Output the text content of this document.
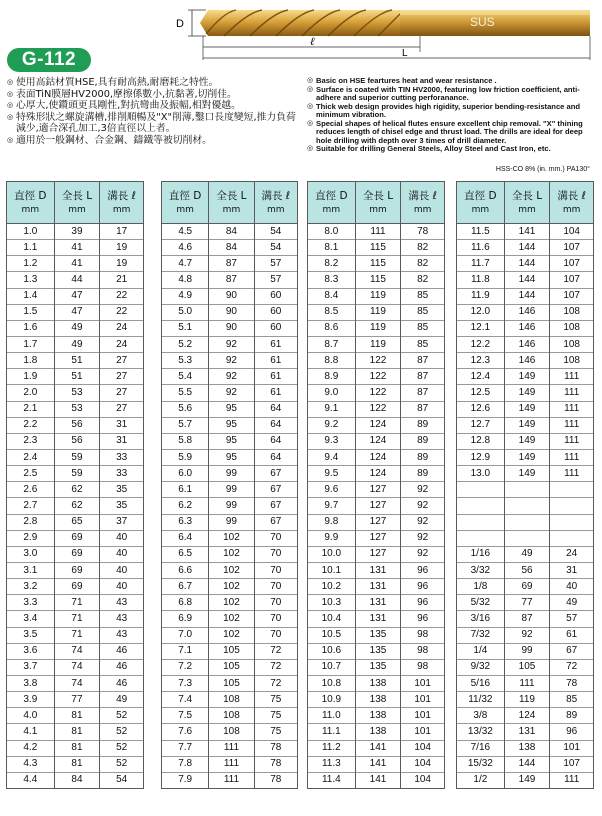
SUS
D
ℓ
L
G-112
◎ 使用高鈷材質HSE,具有耐高熱,耐磨耗之特性。
◎ 表面TiN膜層HV2000,摩擦係數小,抗黏著,切削佳。
◎ 心厚大,使鑽頭更具剛性,對抗彎曲及振幅,相對優越。
◎ 特殊形狀之螺旋溝槽,排削順暢及"X"削薄,鑿口長度變短,推力負荷減少,適合深孔加工,3倍直徑以上者。
◎ 適用於一般鋼材、合金鋼、鑄鐵等被切削材。
◎ Basic on HSE feartures heat and wear resistance .
◎ Surface is coated with TIN HV2000, featuring low friction coefficient, anti-adhere and superior cutting perforanance.
◎ Thick web design provides high rigidity, superior bending-resistance and minimum vibration.
◎ Special shapes of helical flutes ensure excellent chip removal. "X" thining reduces length of chisel edge and thrust load. The drills are ideal for deep hole drilling with depth over 3 times of drill diameter.
◎ Suitable for drilling General Steels, Alloy Steel and Cast Iron, etc.
HSS-CO 8% (in. mm.) PA130°
直徑 D
mm	全長 L
mm	溝長 ℓ
mm

1.0	39	17
1.1	41	19
1.2	41	19
1.3	44	21
1.4	47	22
1.5	47	22
1.6	49	24
1.7	49	24
1.8	51	27
1.9	51	27
2.0	53	27
2.1	53	27
2.2	56	31
2.3	56	31
2.4	59	33
2.5	59	33
2.6	62	35
2.7	62	35
2.8	65	37
2.9	69	40
3.0	69	40
3.1	69	40
3.2	69	40
3.3	71	43
3.4	71	43
3.5	71	43
3.6	74	46
3.7	74	46
3.8	74	46
3.9	77	49
4.0	81	52
4.1	81	52
4.2	81	52
4.3	81	52
4.4	84	54
直徑 D
mm	全長 L
mm	溝長 ℓ
mm

4.5	84	54
4.6	84	54
4.7	87	57
4.8	87	57
4.9	90	60
5.0	90	60
5.1	90	60
5.2	92	61
5.3	92	61
5.4	92	61
5.5	92	61
5.6	95	64
5.7	95	64
5.8	95	64
5.9	95	64
6.0	99	67
6.1	99	67
6.2	99	67
6.3	99	67
6.4	102	70
6.5	102	70
6.6	102	70
6.7	102	70
6.8	102	70
6.9	102	70
7.0	102	70
7.1	105	72
7.2	105	72
7.3	105	72
7.4	108	75
7.5	108	75
7.6	108	75
7.7	111	78
7.8	111	78
7.9	111	78
直徑 D
mm	全長 L
mm	溝長 ℓ
mm

8.0	111	78
8.1	115	82
8.2	115	82
8.3	115	82
8.4	119	85
8.5	119	85
8.6	119	85
8.7	119	85
8.8	122	87
8.9	122	87
9.0	122	87
9.1	122	87
9.2	124	89
9.3	124	89
9.4	124	89
9.5	124	89
9.6	127	92
9.7	127	92
9.8	127	92
9.9	127	92
10.0	127	92
10.1	131	96
10.2	131	96
10.3	131	96
10.4	131	96
10.5	135	98
10.6	135	98
10.7	135	98
10.8	138	101
10.9	138	101
11.0	138	101
11.1	138	101
11.2	141	104
11.3	141	104
11.4	141	104
直徑 D
mm	全長 L
mm	溝長 ℓ
mm

11.5	141	104
11.6	144	107
11.7	144	107
11.8	144	107
11.9	144	107
12.0	146	108
12.1	146	108
12.2	146	108
12.3	146	108
12.4	149	111
12.5	149	111
12.6	149	111
12.7	149	111
12.8	149	111
12.9	149	111
13.0	149	111

1/16	49	24
3/32	56	31
1/8	69	40
5/32	77	49
3/16	87	57
7/32	92	61
1/4	99	67
9/32	105	72
5/16	111	78
11/32	119	85
3/8	124	89
13/32	131	96
7/16	138	101
15/32	144	107
1/2	149	111
